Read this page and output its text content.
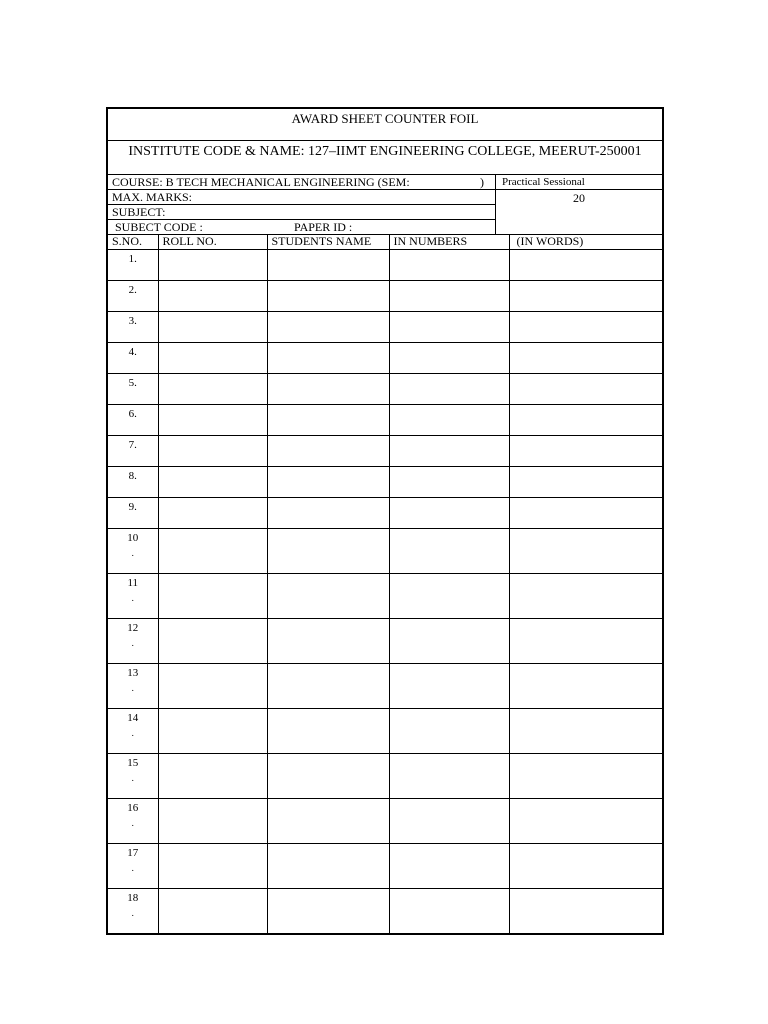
AWARD SHEET COUNTER FOIL
INSTITUTE CODE & NAME: 127–IIMT ENGINEERING COLLEGE, MEERUT-250001
COURSE: B TECH MECHANICAL ENGINEERING (SEM:	)
MAX. MARKS:
SUBJECT:
SUBECT CODE :	PAPER ID :
Practical Sessional
20
S.NO.	ROLL NO.	STUDENTS NAME	IN NUMBERS	(IN WORDS)
1.				
2.				
3.				
4.				
5.				
6.				
7.				
8.				
9.				
10
.				

11
.				

12
.				

13
.				

14
.				

15
.				

16
.				

17
.				

18
.				
